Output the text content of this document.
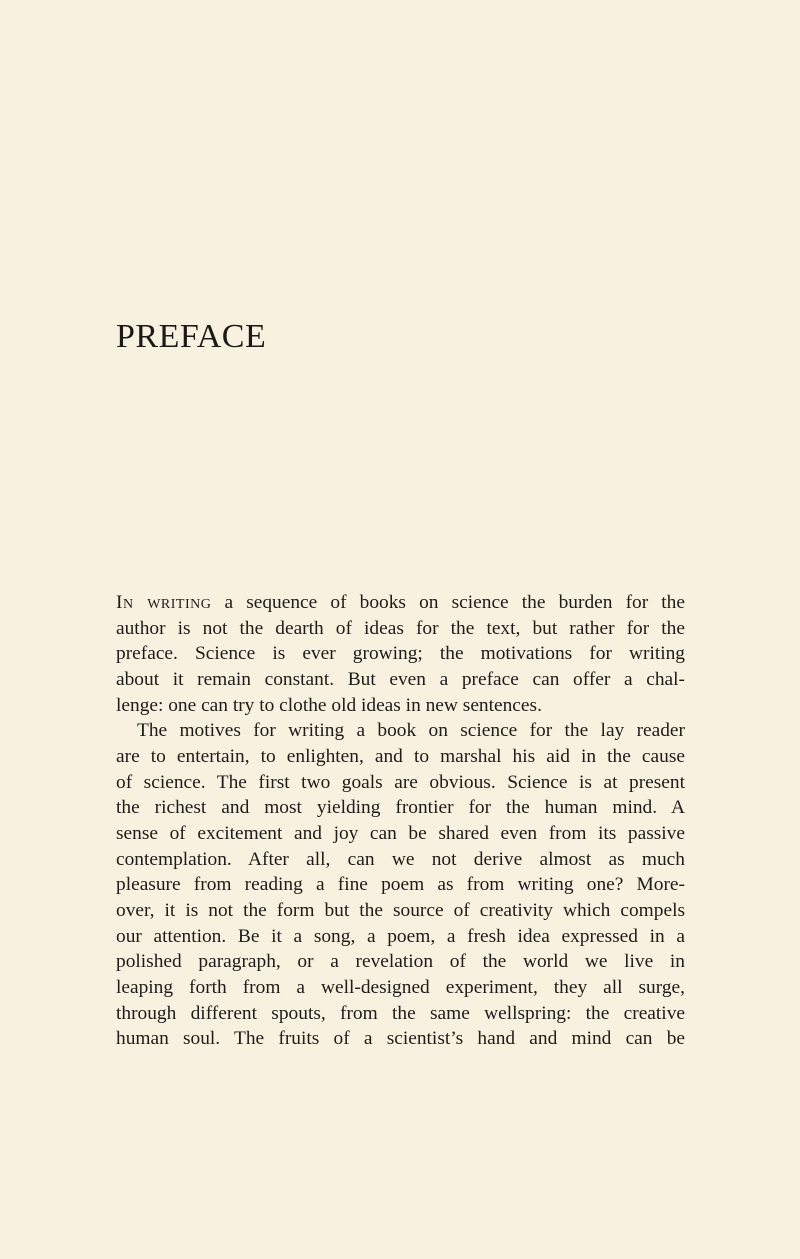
PREFACE

In writing a sequence of books on science the burden for the
author is not the dearth of ideas for the text, but rather for the
preface. Science is ever growing; the motivations for writing
about it remain constant. But even a preface can offer a chal-
lenge: one can try to clothe old ideas in new sentences.

The motives for writing a book on science for the lay reader
are to entertain, to enlighten, and to marshal his aid in the cause
of science. The first two goals are obvious. Science is at present
the richest and most yielding frontier for the human mind. A
sense of excitement and joy can be shared even from its passive
contemplation. After all, can we not derive almost as much
pleasure from reading a fine poem as from writing one? More-
over, it is not the form but the source of creativity which compels
our attention. Be it a song, a poem, a fresh idea expressed in a
polished paragraph, or a revelation of the world we live in
leaping forth from a well-designed experiment, they all surge,
through different spouts, from the same wellspring: the creative
human soul. The fruits of a scientist’s hand and mind can be
